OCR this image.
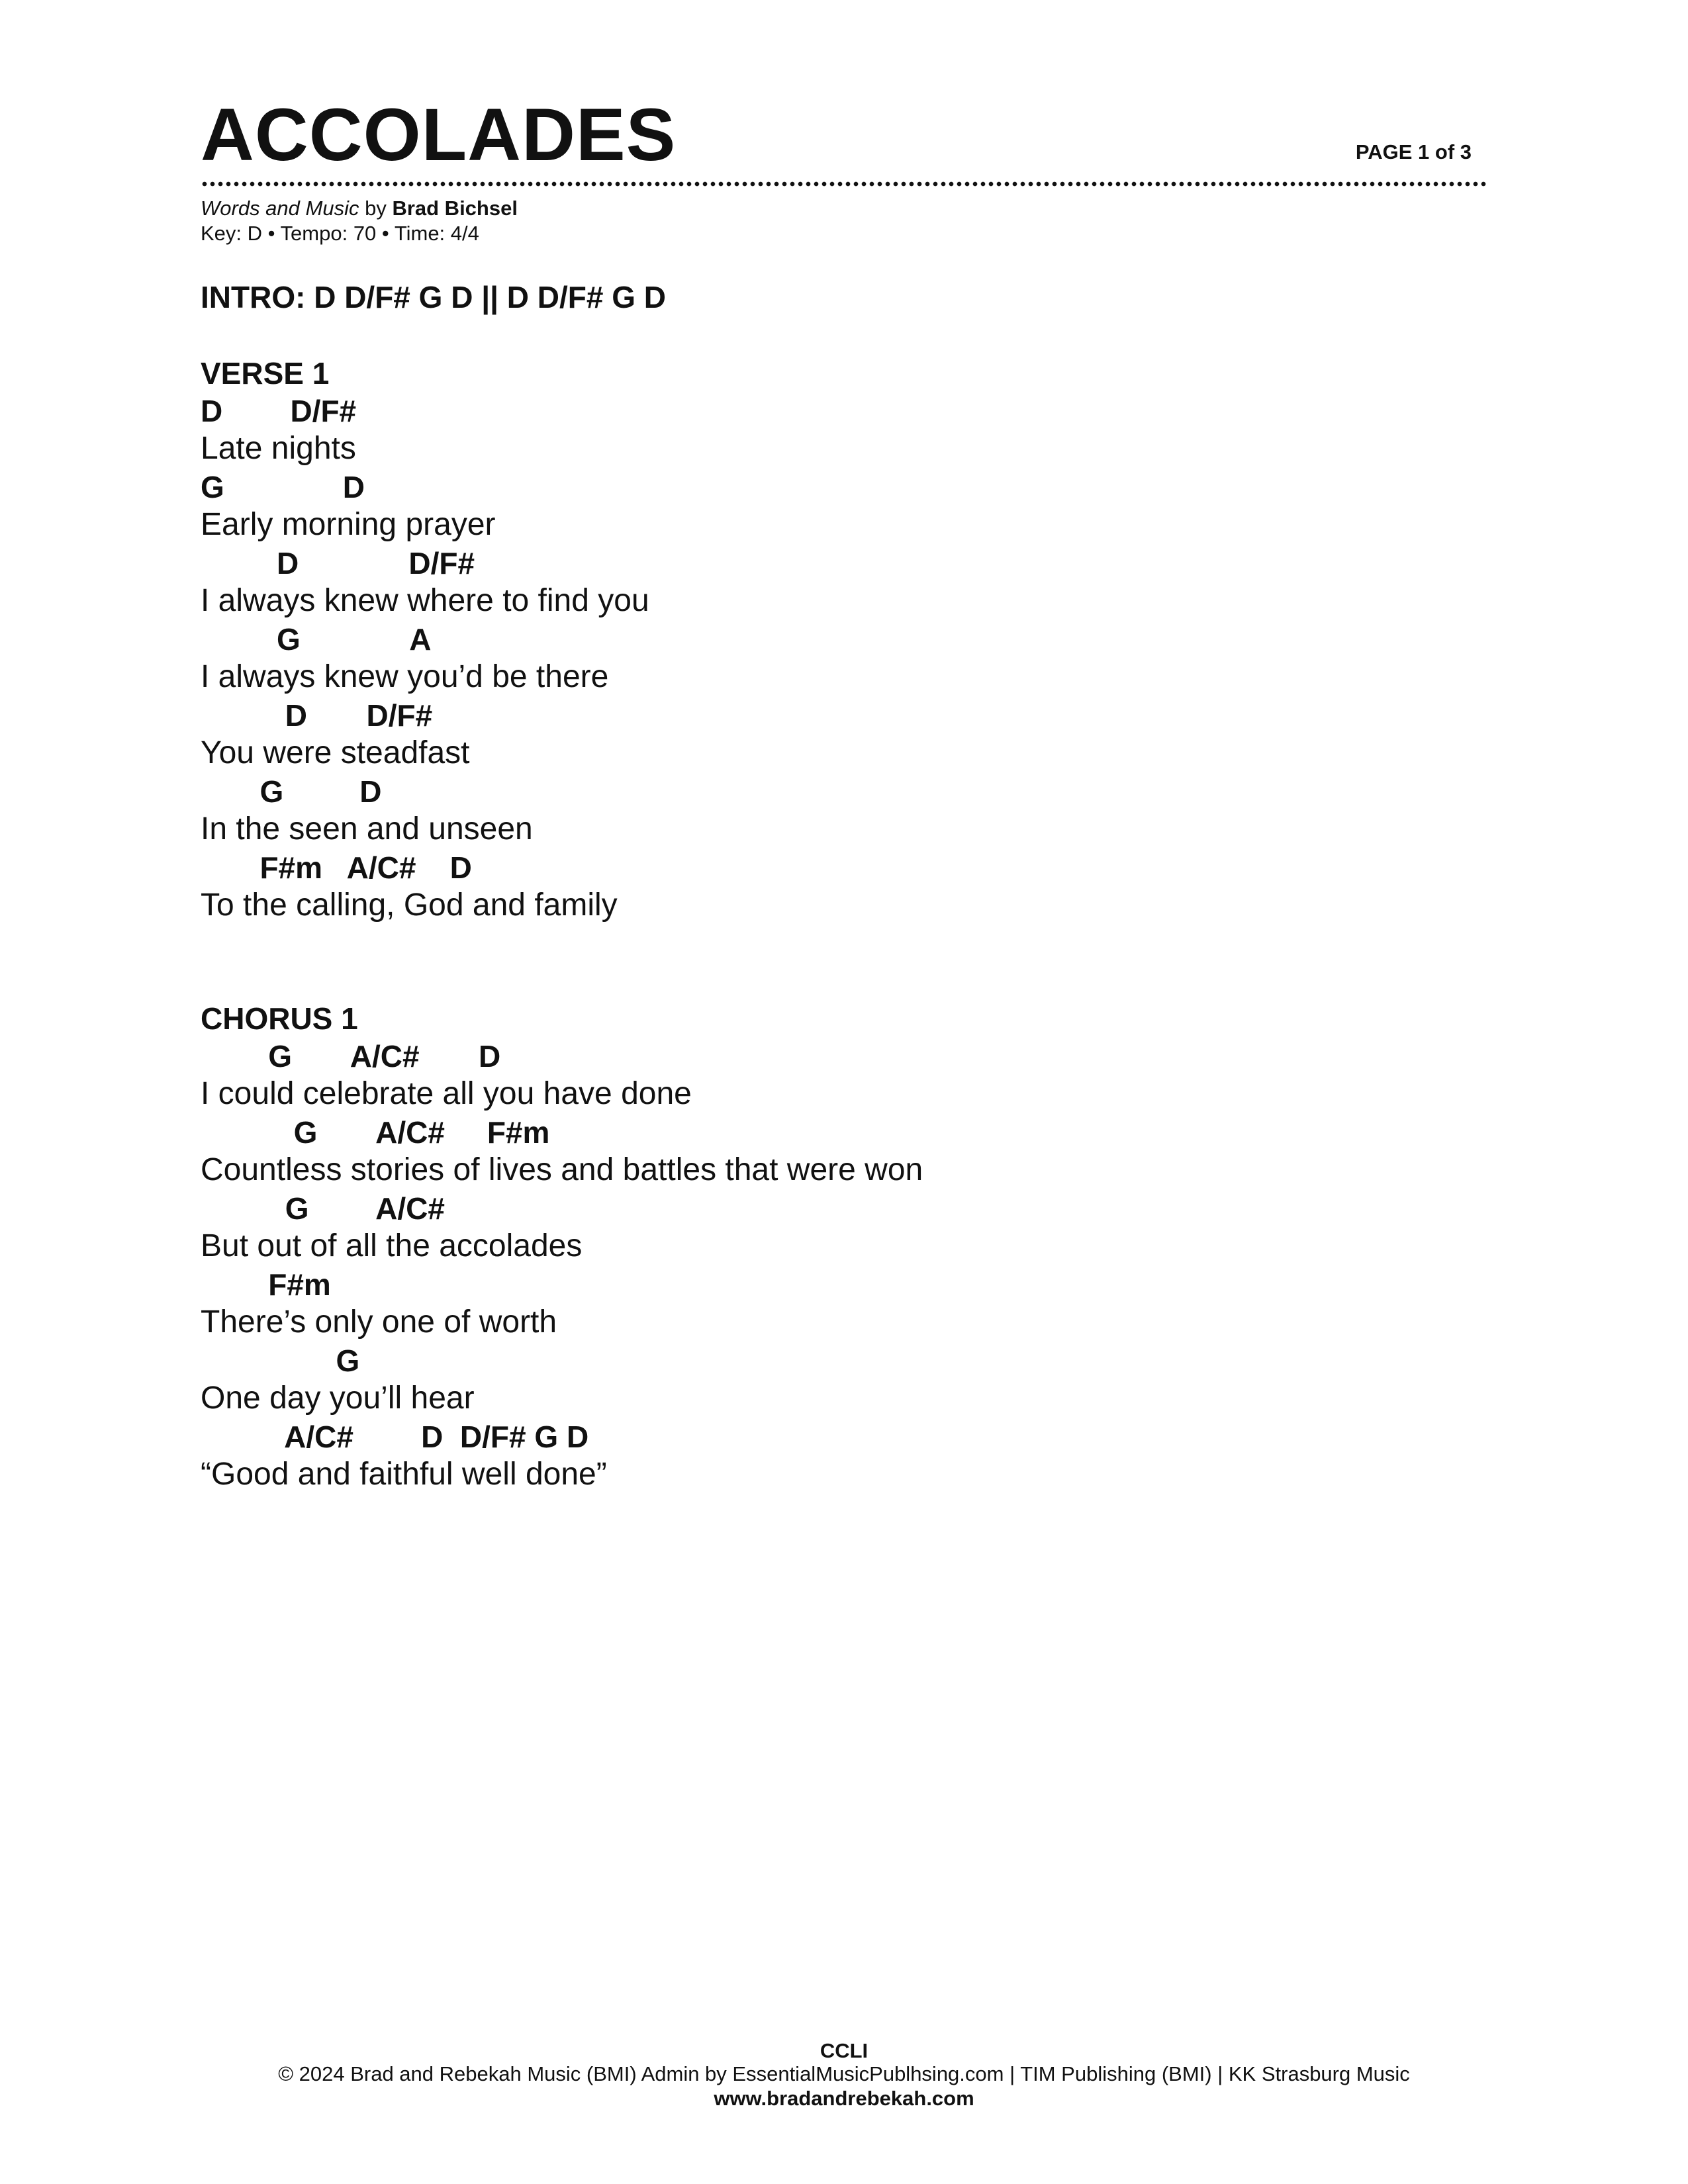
ACCOLADES	PAGE 1 of 3
Words and Music by Brad Bichsel
Key: D • Tempo: 70 • Time: 4/4
INTRO: D D/F# G D || D D/F# G D
VERSE 1
D        D/F#
Late nights
G              D
Early morning prayer
D             D/F#
I always knew where to find you
G             A
I always knew you’d be there
D       D/F#
You were steadfast
G         D
In the seen and unseen
F#m   A/C#    D
To the calling, God and family
CHORUS 1
G       A/C#       D
I could celebrate all you have done
G       A/C#     F#m
Countless stories of lives and battles that were won
G        A/C#
But out of all the accolades
F#m
There’s only one of worth
G
One day you’ll hear
A/C#        D  D/F# G D
“Good and faithful well done”
CCLI
© 2024 Brad and Rebekah Music (BMI) Admin by EssentialMusicPublhsing.com | TIM Publishing (BMI) | KK Strasburg Music
www.bradandrebekah.com
